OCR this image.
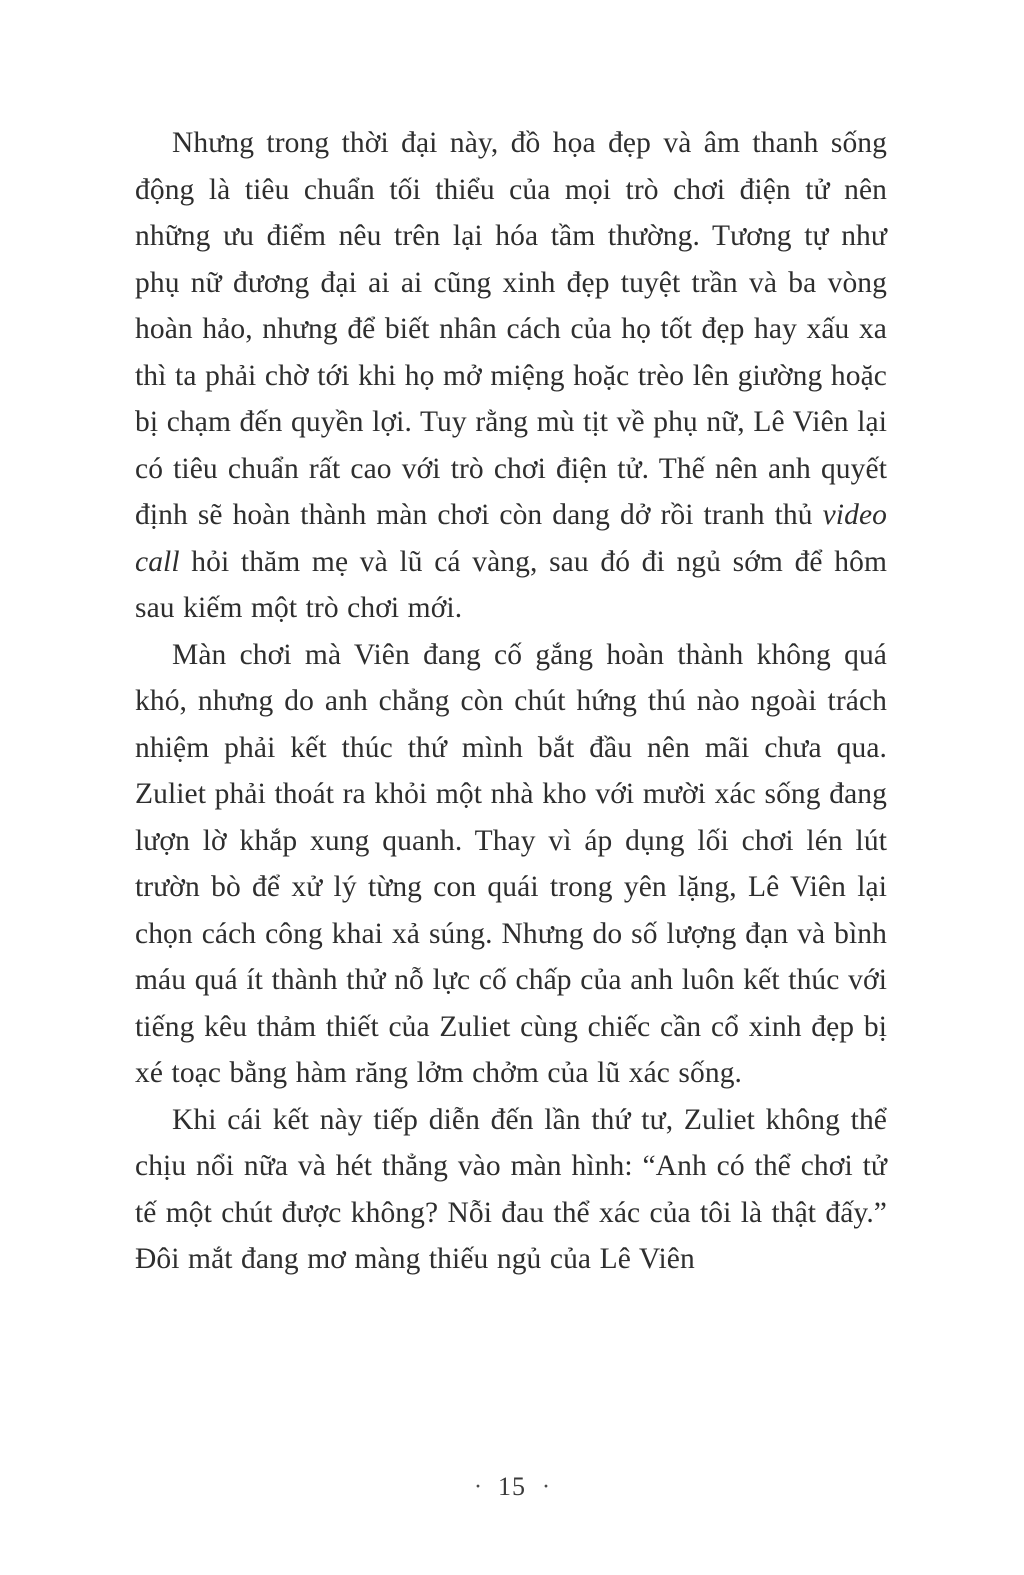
Nhưng trong thời đại này, đồ họa đẹp và âm thanh sống động là tiêu chuẩn tối thiểu của mọi trò chơi điện tử nên những ưu điểm nêu trên lại hóa tầm thường. Tương tự như phụ nữ đương đại ai ai cũng xinh đẹp tuyệt trần và ba vòng hoàn hảo, nhưng để biết nhân cách của họ tốt đẹp hay xấu xa thì ta phải chờ tới khi họ mở miệng hoặc trèo lên giường hoặc bị chạm đến quyền lợi. Tuy rằng mù tịt về phụ nữ, Lê Viên lại có tiêu chuẩn rất cao với trò chơi điện tử. Thế nên anh quyết định sẽ hoàn thành màn chơi còn dang dở rồi tranh thủ video call hỏi thăm mẹ và lũ cá vàng, sau đó đi ngủ sớm để hôm sau kiếm một trò chơi mới.

Màn chơi mà Viên đang cố gắng hoàn thành không quá khó, nhưng do anh chẳng còn chút hứng thú nào ngoài trách nhiệm phải kết thúc thứ mình bắt đầu nên mãi chưa qua. Zuliet phải thoát ra khỏi một nhà kho với mười xác sống đang lượn lờ khắp xung quanh. Thay vì áp dụng lối chơi lén lút trườn bò để xử lý từng con quái trong yên lặng, Lê Viên lại chọn cách công khai xả súng. Nhưng do số lượng đạn và bình máu quá ít thành thử nỗ lực cố chấp của anh luôn kết thúc với tiếng kêu thảm thiết của Zuliet cùng chiếc cần cổ xinh đẹp bị xé toạc bằng hàm răng lởm chởm của lũ xác sống.

Khi cái kết này tiếp diễn đến lần thứ tư, Zuliet không thể chịu nổi nữa và hét thẳng vào màn hình: “Anh có thể chơi tử tế một chút được không? Nỗi đau thể xác của tôi là thật đấy.” Đôi mắt đang mơ màng thiếu ngủ của Lê Viên

· 15 ·
